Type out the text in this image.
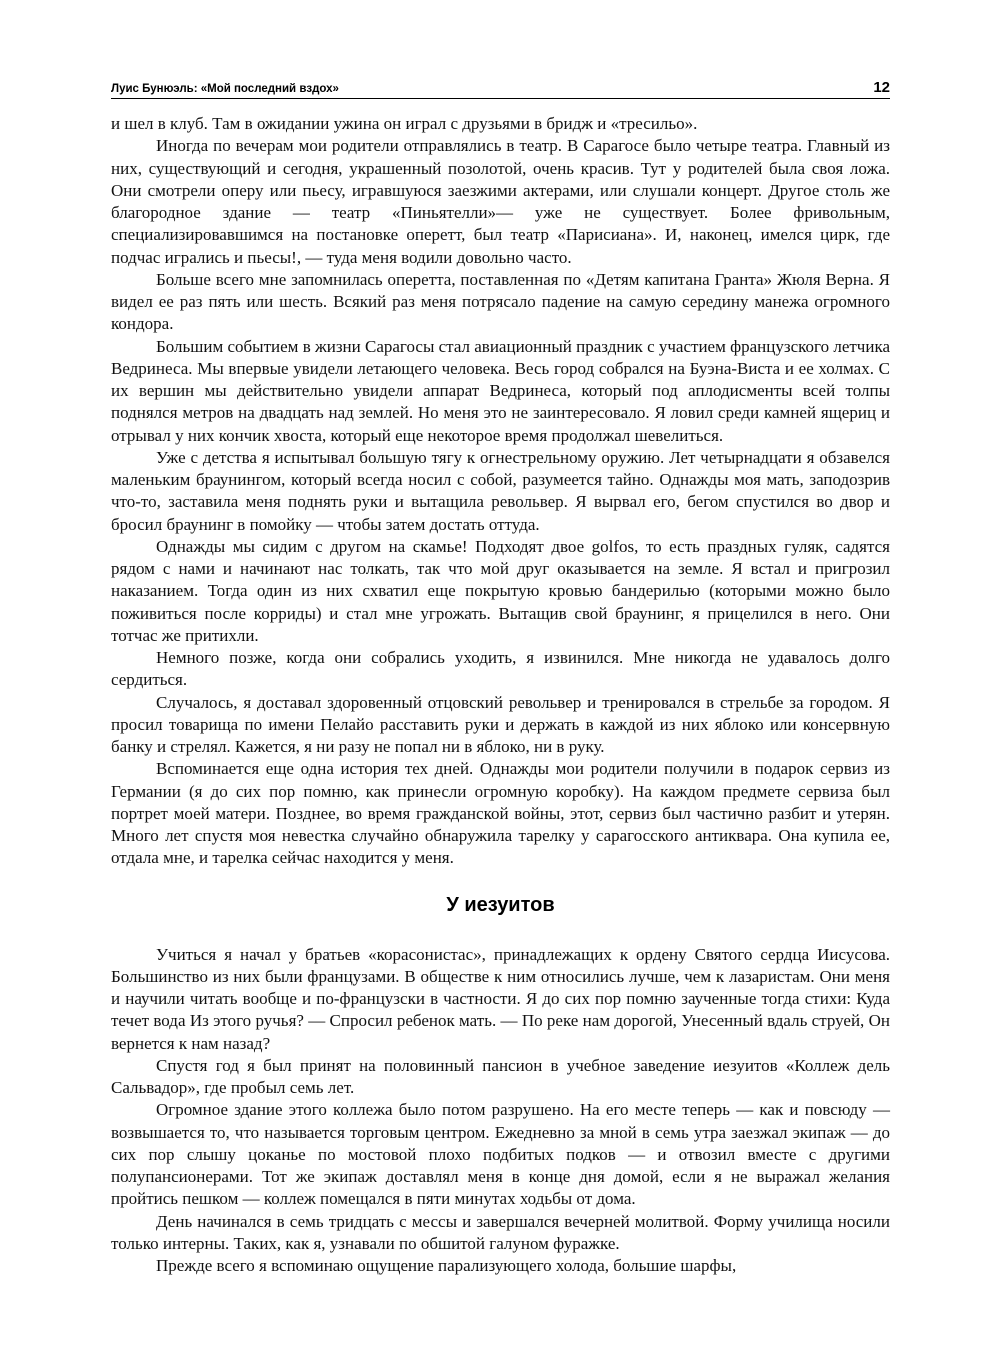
Луис Бунюэль: «Мой последний вздох»	12

и шел в клуб. Там в ожидании ужина он играл с друзьями в бридж и «тресильо».

Иногда по вечерам мои родители отправлялись в театр. В Сарагосе было четыре театра. Главный из них, существующий и сегодня, украшенный позолотой, очень красив. Тут у родителей была своя ложа. Они смотрели оперу или пьесу, игравшуюся заезжими актерами, или слушали концерт. Другое столь же благородное здание — театр «Пиньятелли»— уже не существует. Более фривольным, специализировавшимся на постановке оперетт, был театр «Парисиана». И, наконец, имелся цирк, где подчас игрались и пьесы!, — туда меня водили довольно часто.

Больше всего мне запомнилась оперетта, поставленная по «Детям капитана Гранта» Жюля Верна. Я видел ее раз пять или шесть. Всякий раз меня потрясало падение на самую середину манежа огромного кондора.

Большим событием в жизни Сарагосы стал авиационный праздник с участием французского летчика Ведринеса. Мы впервые увидели летающего человека. Весь город собрался на Буэна-Виста и ее холмах. С их вершин мы действительно увидели аппарат Ведринеса, который под аплодисменты всей толпы поднялся метров на двадцать над землей. Но меня это не заинтересовало. Я ловил среди камней ящериц и отрывал у них кончик хвоста, который еще некоторое время продолжал шевелиться.

Уже с детства я испытывал большую тягу к огнестрельному оружию. Лет четырнадцати я обзавелся маленьким браунингом, который всегда носил с собой, разумеется тайно. Однажды моя мать, заподозрив что-то, заставила меня поднять руки и вытащила револьвер. Я вырвал его, бегом спустился во двор и бросил браунинг в помойку — чтобы затем достать оттуда.

Однажды мы сидим с другом на скамье! Подходят двое golfos, то есть праздных гуляк, садятся рядом с нами и начинают нас толкать, так что мой друг оказывается на земле. Я встал и пригрозил наказанием. Тогда один из них схватил еще покрытую кровью бандерилью (которыми можно было поживиться после корриды) и стал мне угрожать. Вытащив свой браунинг, я прицелился в него. Они тотчас же притихли.

Немного позже, когда они собрались уходить, я извинился. Мне никогда не удавалось долго сердиться.

Случалось, я доставал здоровенный отцовский револьвер и тренировался в стрельбе за городом. Я просил товарища по имени Пелайо расставить руки и держать в каждой из них яблоко или консервную банку и стрелял. Кажется, я ни разу не попал ни в яблоко, ни в руку.

Вспоминается еще одна история тех дней. Однажды мои родители получили в подарок сервиз из Германии (я до сих пор помню, как принесли огромную коробку). На каждом предмете сервиза был портрет моей матери. Позднее, во время гражданской войны, этот, сервиз был частично разбит и утерян. Много лет спустя моя невестка случайно обнаружила тарелку у сарагосского антиквара. Она купила ее, отдала мне, и тарелка сейчас находится у меня.

У иезуитов

Учиться я начал у братьев «корасонистас», принадлежащих к ордену Святого сердца Иисусова. Большинство из них были французами. В обществе к ним относились лучше, чем к лазаристам. Они меня и научили читать вообще и по-французски в частности. Я до сих пор помню заученные тогда стихи: Куда течет вода Из этого ручья? — Спросил ребенок мать. — По реке нам дорогой, Унесенный вдаль струей, Он вернется к нам назад?

Спустя год я был принят на половинный пансион в учебное заведение иезуитов «Коллеж дель Сальвадор», где пробыл семь лет.

Огромное здание этого коллежа было потом разрушено. На его месте теперь — как и повсюду — возвышается то, что называется торговым центром. Ежедневно за мной в семь утра заезжал экипаж — до сих пор слышу цоканье по мостовой плохо подбитых подков — и отвозил вместе с другими полупансионерами. Тот же экипаж доставлял меня в конце дня домой, если я не выражал желания пройтись пешком — коллеж помещался в пяти минутах ходьбы от дома.

День начинался в семь тридцать с мессы и завершался вечерней молитвой. Форму училища носили только интерны. Таких, как я, узнавали по обшитой галуном фуражке.

Прежде всего я вспоминаю ощущение парализующего холода, большие шарфы,
